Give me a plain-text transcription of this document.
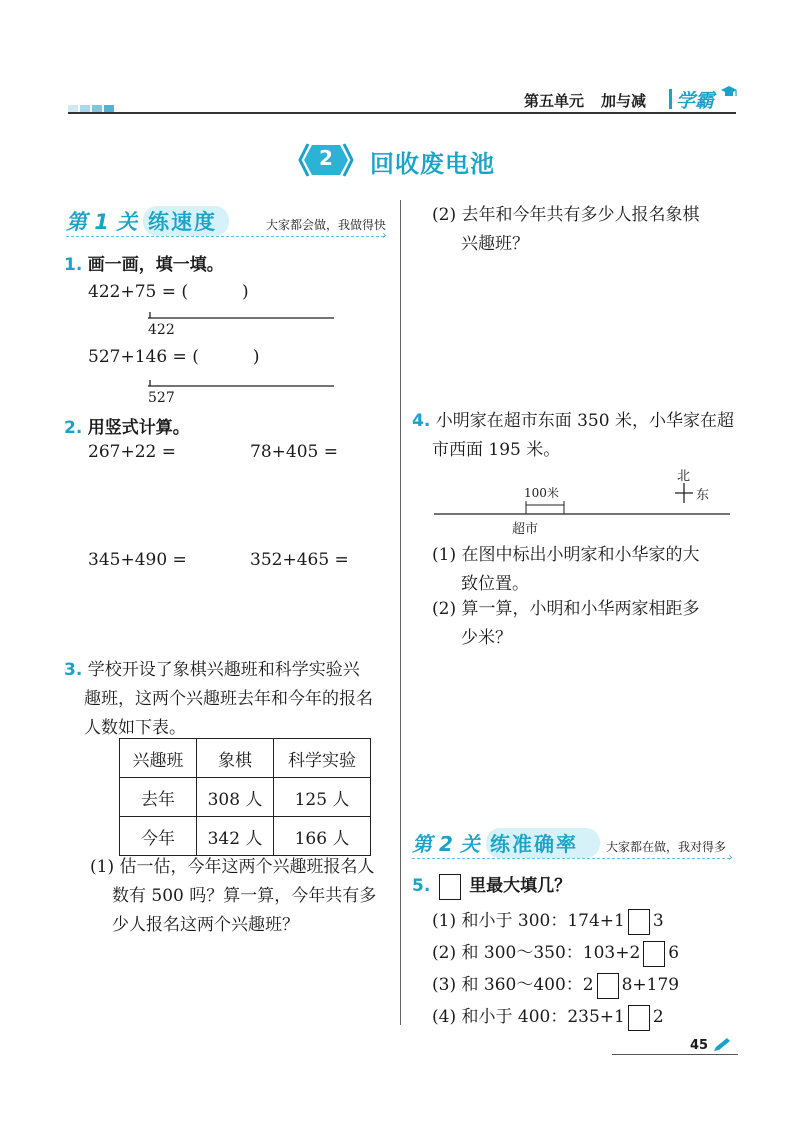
第五单元 加与减 学霸
2	回收废电池
第 1 关 练速度	大家都会做，我做得快
›
1. 画一画，填一填。
422+75 = (          )
422
527+146 = (          )
527
2. 用竖式计算。
267+22 =	78+405 =
345+490 =	352+465 =
3. 学校开设了象棋兴趣班和科学实验兴
趣班，这两个兴趣班去年和今年的报名
人数如下表。
兴趣班	象棋	科学实验
去年	308 人	125 人
今年	342 人	166 人
(1) 估一估，今年这两个兴趣班报名人
数有 500 吗？算一算，今年共有多
少人报名这两个兴趣班？
(2) 去年和今年共有多少人报名象棋
兴趣班？
4. 小明家在超市东面 350 米，小华家在超
市西面 195 米。
北
东
100米
超市
(1) 在图中标出小明家和小华家的大
致位置。
(2) 算一算，小明和小华两家相距多
少米？
第 2 关 练准确率 大家都在做，我对得多
›
5. 里最大填几？
(1) 和小于 300：174+1 3
(2) 和 300～350：103+2 6
(3) 和 360～400：2 8+179
(4) 和小于 400：235+1 2
45
